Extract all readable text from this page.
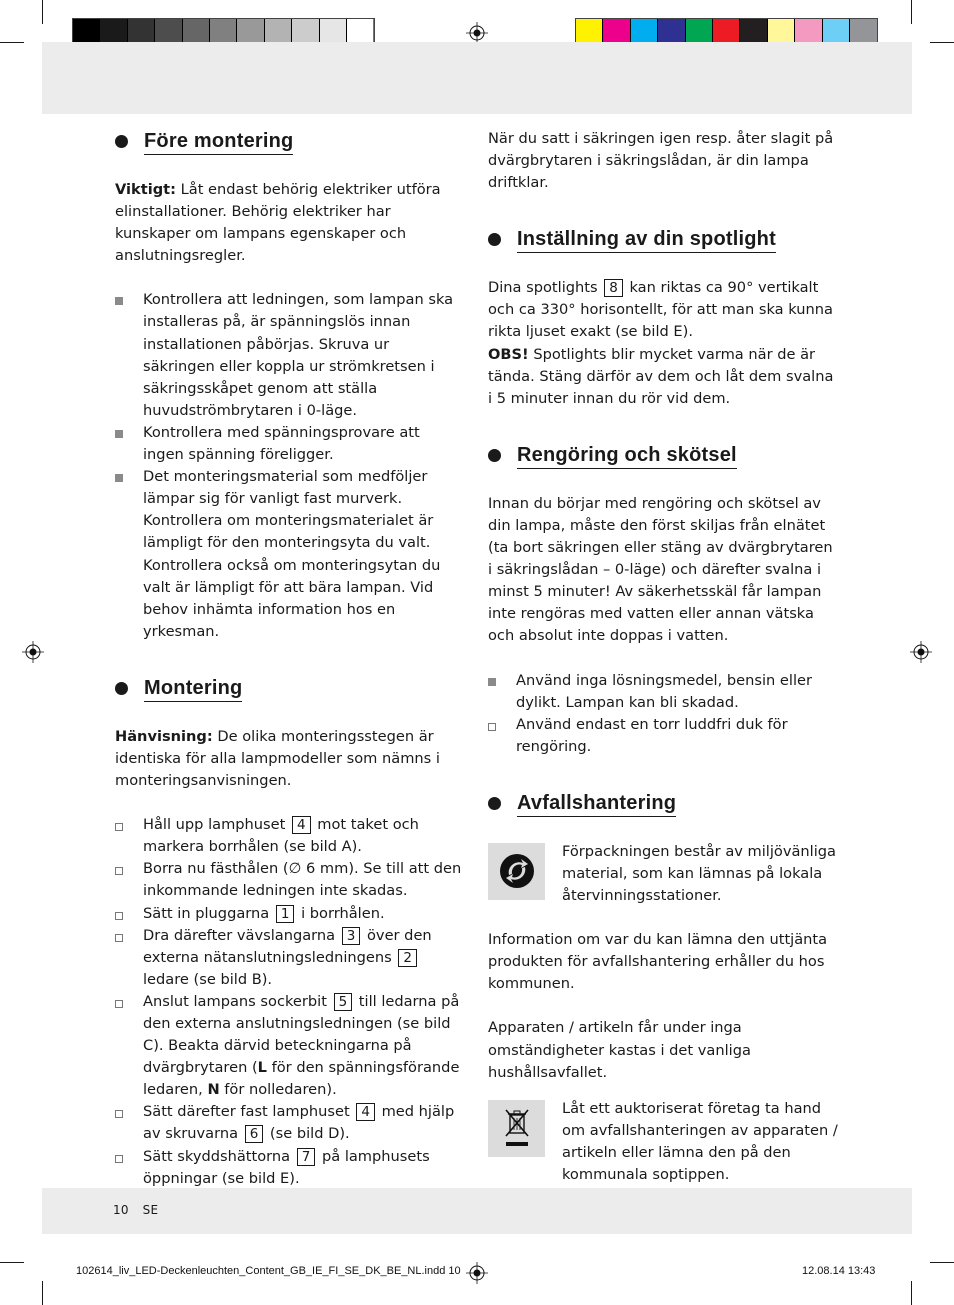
Före montering

Viktigt: Låt endast behörig elektriker utföra elinstallationer. Behörig elektriker har kunskaper om lampans egenskaper och anslutningsregler.

Kontrollera att ledningen, som lampan ska installeras på, är spänningslös innan installationen påbörjas. Skruva ur säkringen eller koppla ur strömkretsen i säkringsskåpet genom att ställa huvudströmbrytaren i 0-läge.
Kontrollera med spänningsprovare att ingen spänning föreligger.
Det monteringsmaterial som medföljer lämpar sig för vanligt fast murverk. Kontrollera om monteringsmaterialet är lämpligt för den monteringsyta du valt. Kontrollera också om monteringsytan du valt är lämpligt för att bära lampan. Vid behov inhämta information hos en yrkesman.
Montering

Hänvisning: De olika monteringsstegen är identiska för alla lampmodeller som nämns i monteringsanvisningen.

Håll upp lamphuset 4 mot taket och markera borrhålen (se bild A).
Borra nu fästhålen (∅ 6 mm). Se till att den inkommande ledningen inte skadas.
Sätt in pluggarna 1 i borrhålen.
Dra därefter vävslangarna 3 över den externa nätanslutningsledningens 2 ledare (se bild B).
Anslut lampans sockerbit 5 till ledarna på den externa anslutningsledningen (se bild C). Beakta därvid beteckningarna på dvärgbrytaren (L för den spänningsförande ledaren, N för nolledaren).
Sätt därefter fast lamphuset 4 med hjälp av skruvarna 6 (se bild D).
Sätt skyddshättorna 7 på lamphusets öppningar (se bild E).

När du satt i säkringen igen resp. åter slagit på dvärgbrytaren i säkringslådan, är din lampa driftklar.

Inställning av din spotlight

Dina spotlights 8 kan riktas ca 90° vertikalt och ca 330° horisontellt, för att man ska kunna rikta ljuset exakt (se bild E).

OBS! Spotlights blir mycket varma när de är tända. Stäng därför av dem och låt dem svalna i 5 minuter innan du rör vid dem.

Rengöring och skötsel

Innan du börjar med rengöring och skötsel av din lampa, måste den först skiljas från elnätet (ta bort säkringen eller stäng av dvärgbrytaren i säkringslådan – 0-läge) och därefter svalna i minst 5 minuter! Av säkerhetsskäl får lampan inte rengöras med vatten eller annan vätska och absolut inte doppas i vatten.

Använd inga lösningsmedel, bensin eller dylikt. Lampan kan bli skadad.
Använd endast en torr luddfri duk för rengöring.
Avfallshantering

Förpackningen består av miljövänliga material, som kan lämnas på lokala återvinningsstationer.

Information om var du kan lämna den uttjänta produkten för avfallshantering erhåller du hos kommunen.

Apparaten / artikeln får under inga omständigheter kastas i det vanliga hushållsavfallet.

Låt ett auktoriserat företag ta hand om avfallshanteringen av apparaten / artikeln eller lämna den på den kommunala soptippen.

10 SE
102614_liv_LED-Deckenleuchten_Content_GB_IE_FI_SE_DK_BE_NL.indd 10	12.08.14 13:43
